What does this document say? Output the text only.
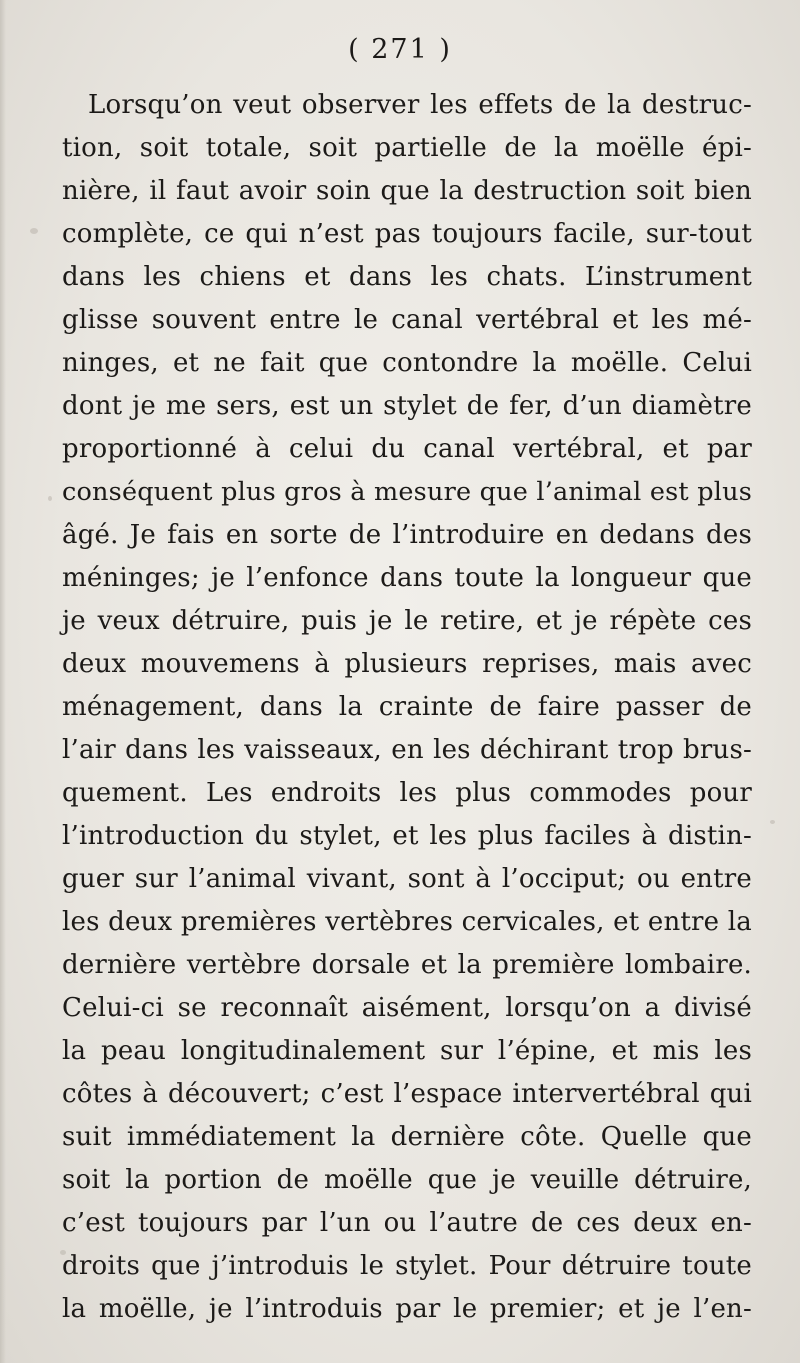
( 271 )
Lorsqu’on veut observer les effets de la destruc-
tion, soit totale, soit partielle de la moëlle épi-
nière, il faut avoir soin que la destruction soit bien
complète, ce qui n’est pas toujours facile, sur-tout
dans les chiens et dans les chats. L’instrument
glisse souvent entre le canal vertébral et les mé-
ninges, et ne fait que contondre la moëlle. Celui
dont je me sers, est un stylet de fer, d’un diamètre
proportionné à celui du canal vertébral, et par
conséquent plus gros à mesure que l’animal est plus
âgé. Je fais en sorte de l’introduire en dedans des
méninges; je l’enfonce dans toute la longueur que
je veux détruire, puis je le retire, et je répète ces
deux mouvemens à plusieurs reprises, mais avec
ménagement, dans la crainte de faire passer de
l’air dans les vaisseaux, en les déchirant trop brus-
quement. Les endroits les plus commodes pour
l’introduction du stylet, et les plus faciles à distin-
guer sur l’animal vivant, sont à l’occiput; ou entre
les deux premières vertèbres cervicales, et entre la
dernière vertèbre dorsale et la première lombaire.
Celui-ci se reconnaît aisément, lorsqu’on a divisé
la peau longitudinalement sur l’épine, et mis les
côtes à découvert; c’est l’espace intervertébral qui
suit immédiatement la dernière côte. Quelle que
soit la portion de moëlle que je veuille détruire,
c’est toujours par l’un ou l’autre de ces deux en-
droits que j’introduis le stylet. Pour détruire toute
la moëlle, je l’introduis par le premier; et je l’en-
